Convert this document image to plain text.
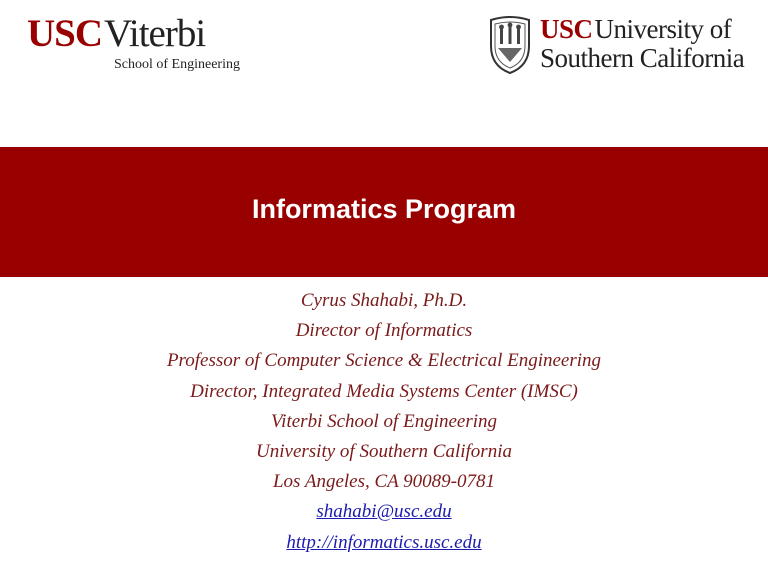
USC Viterbi
School of Engineering
USC University of
Southern California
Informatics Program
Cyrus Shahabi, Ph.D.
Director of Informatics
Professor of Computer Science & Electrical Engineering
Director, Integrated Media Systems Center (IMSC)
Viterbi School of Engineering
University of Southern California
Los Angeles, CA 90089-0781
shahabi@usc.edu
http://informatics.usc.edu
